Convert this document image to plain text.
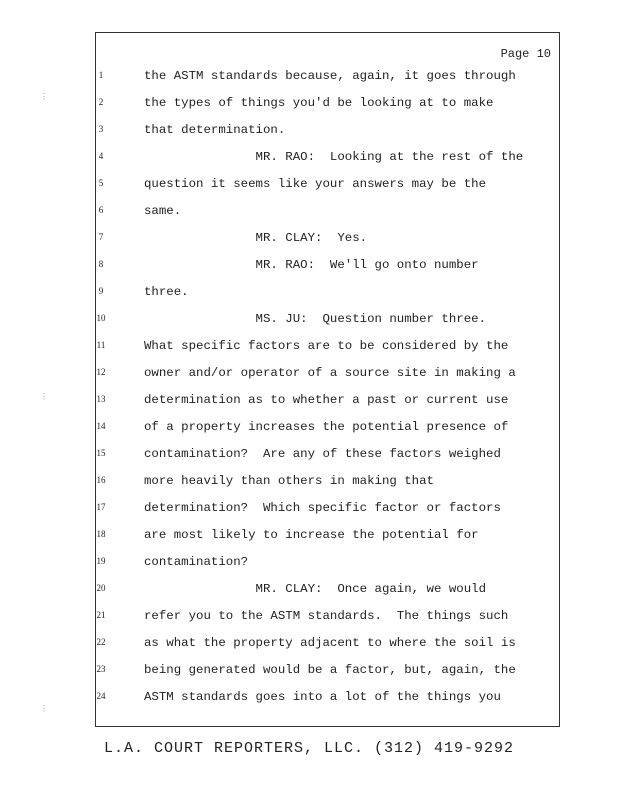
Page 10
1	the ASTM standards because, again, it goes through
2	the types of things you'd be looking at to make
3	that determination.
4	MR. RAO:  Looking at the rest of the
5	question it seems like your answers may be the
6	same.
7	MR. CLAY:  Yes.
8	MR. RAO:  We'll go onto number
9	three.
10	MS. JU:  Question number three.
11	What specific factors are to be considered by the
12	owner and/or operator of a source site in making a
13	determination as to whether a past or current use
14	of a property increases the potential presence of
15	contamination?  Are any of these factors weighed
16	more heavily than others in making that
17	determination?  Which specific factor or factors
18	are most likely to increase the potential for
19	contamination?
20	MR. CLAY:  Once again, we would
21	refer you to the ASTM standards.  The things such
22	as what the property adjacent to where the soil is
23	being generated would be a factor, but, again, the
24	ASTM standards goes into a lot of the things you
⋮
⋮
⋮
L.A. COURT REPORTERS, LLC. (312) 419-9292
